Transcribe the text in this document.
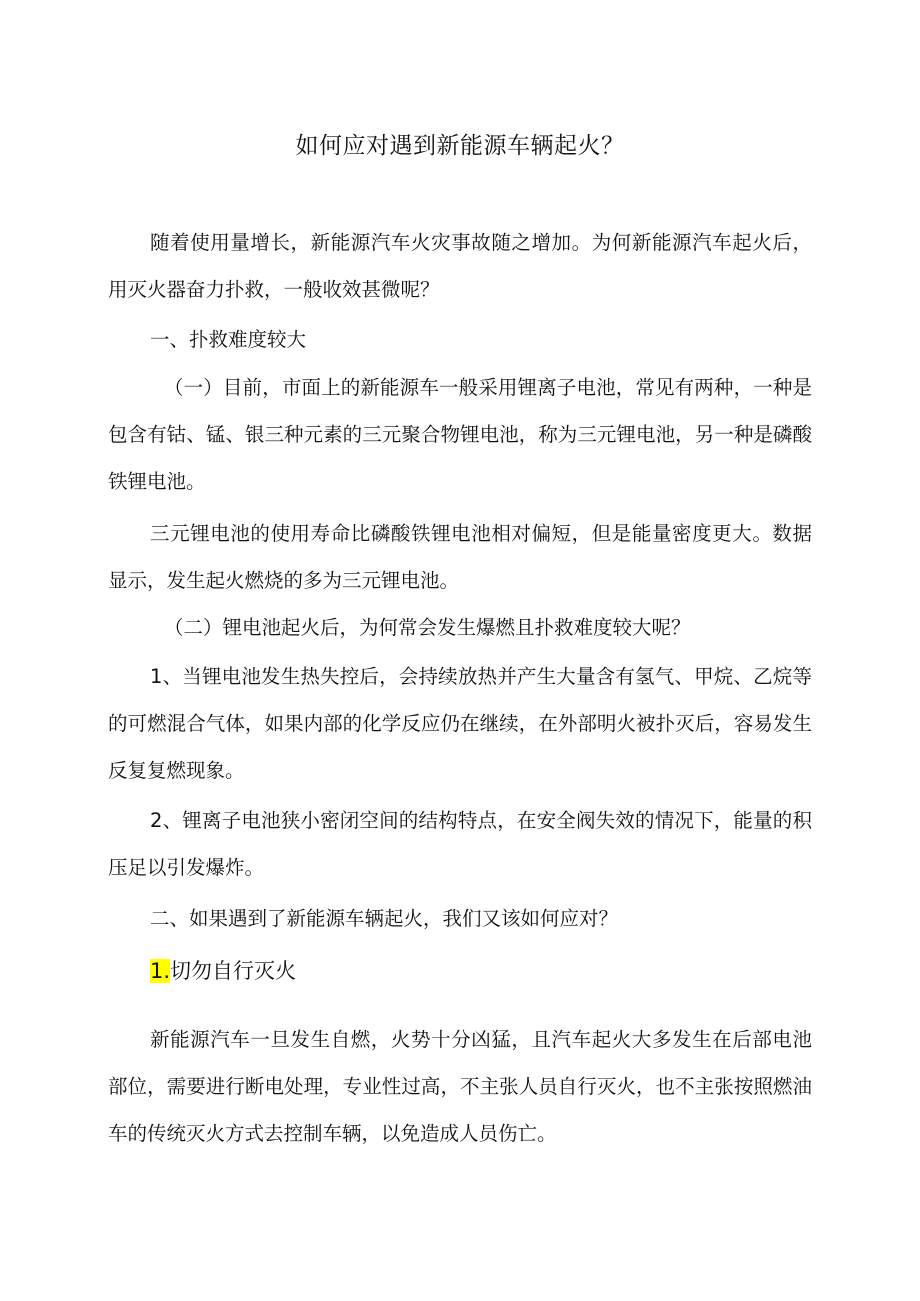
如何应对遇到新能源车辆起火？
随着使用量增长，新能源汽车火灾事故随之增加。为何新能源汽车起火后，用灭火器奋力扑救，一般收效甚微呢？
一、扑救难度较大
（一）目前，市面上的新能源车一般采用锂离子电池，常见有两种，一种是包含有钴、锰、银三种元素的三元聚合物锂电池，称为三元锂电池，另一种是磷酸铁锂电池。
三元锂电池的使用寿命比磷酸铁锂电池相对偏短，但是能量密度更大。数据显示，发生起火燃烧的多为三元锂电池。
（二）锂电池起火后，为何常会发生爆燃且扑救难度较大呢？
1、当锂电池发生热失控后，会持续放热并产生大量含有氢气、甲烷、乙烷等的可燃混合气体，如果内部的化学反应仍在继续，在外部明火被扑灭后，容易发生反复复燃现象。
2、锂离子电池狭小密闭空间的结构特点，在安全阀失效的情况下，能量的积压足以引发爆炸。
二、如果遇到了新能源车辆起火，我们又该如何应对？
1.切勿自行灭火
新能源汽车一旦发生自燃，火势十分凶猛，且汽车起火大多发生在后部电池部位，需要进行断电处理，专业性过高，不主张人员自行灭火，也不主张按照燃油车的传统灭火方式去控制车辆，以免造成人员伤亡。
